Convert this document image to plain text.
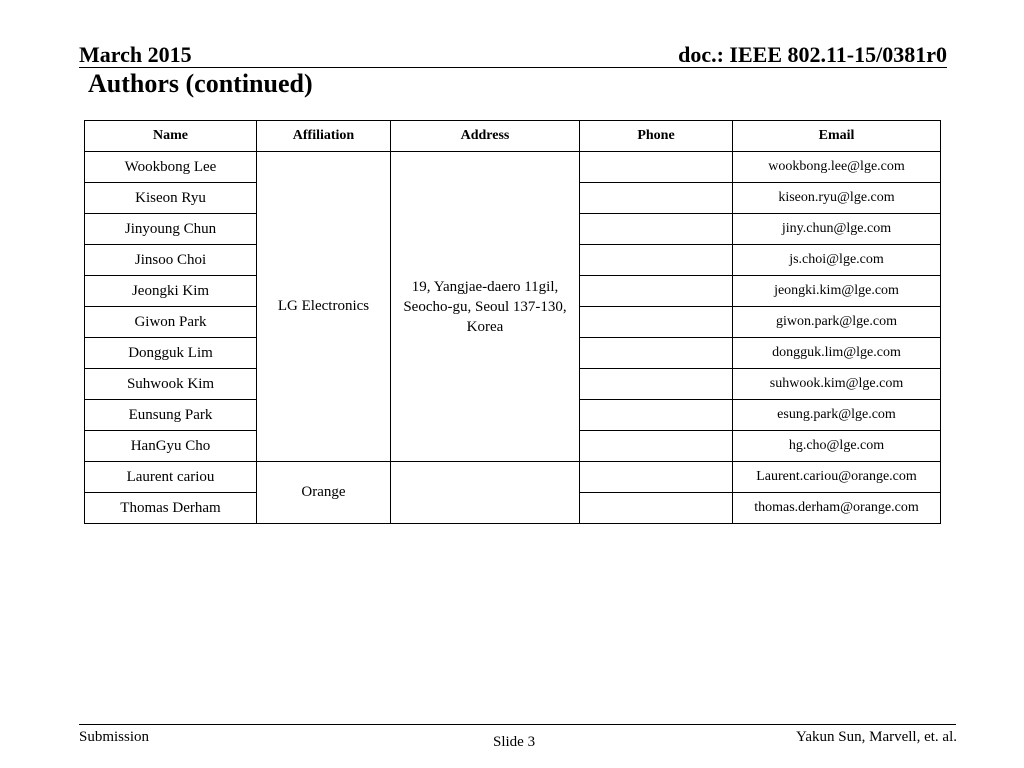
March 2015	doc.: IEEE 802.11-15/0381r0
Authors (continued)
Name	Affiliation	Address	Phone	Email
Wookbong Lee	LG Electronics	19, Yangjae-daero 11gil, Seocho-gu, Seoul 137-130, Korea		wookbong.lee@lge.com
Kiseon Ryu				kiseon.ryu@lge.com
Jinyoung Chun				jiny.chun@lge.com
Jinsoo Choi				js.choi@lge.com
Jeongki Kim				jeongki.kim@lge.com
Giwon Park				giwon.park@lge.com
Dongguk Lim				dongguk.lim@lge.com
Suhwook Kim				suhwook.kim@lge.com
Eunsung Park				esung.park@lge.com
HanGyu Cho				hg.cho@lge.com
Laurent cariou	Orange			Laurent.cariou@orange.com
Thomas Derham				thomas.derham@orange.com
Submission	Slide 3	Yakun Sun, Marvell, et. al.
